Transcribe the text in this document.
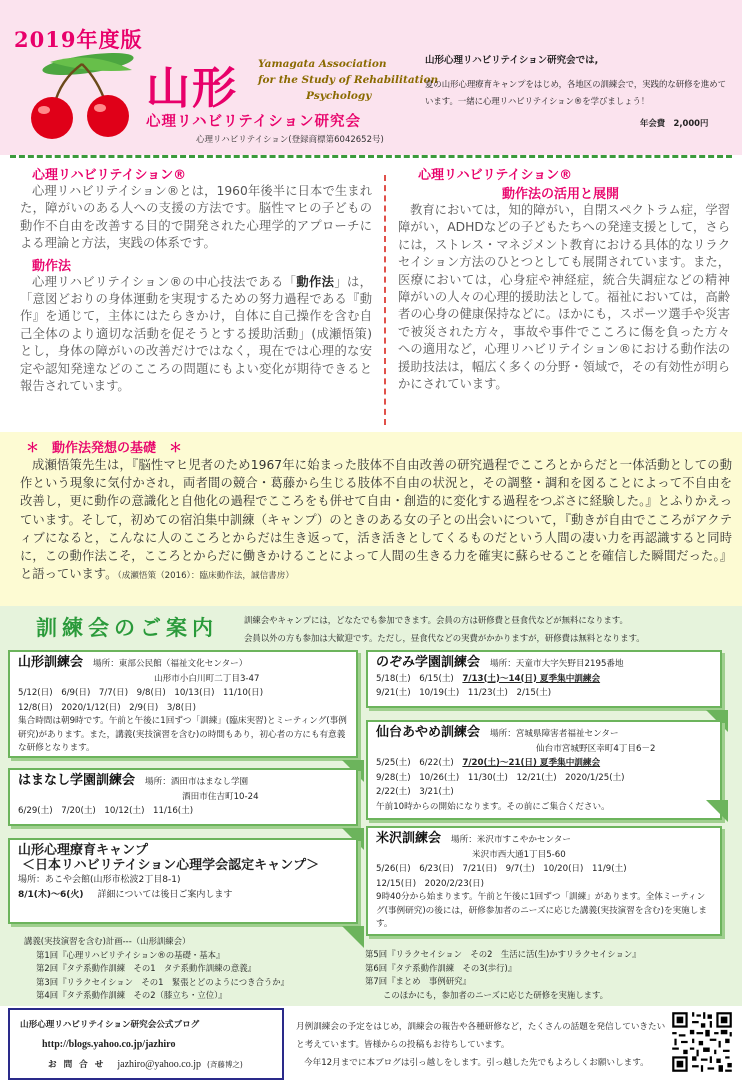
2019年度版
山形 Yamagata Association
for the Study of Rehabilitation
Psychology
心理リハビリテイション研究会
心理リハビリテイション(登録商標第6042652号)
山形心理リハビリテイション研究会では,
夏の山形心理療育キャンプをはじめ，各地区の訓練会で，実践的な研修を進めています。一緒に心理リハビリテイション®を学びましょう！
年会費　2,000円
心理リハビリテイション®
心理リハビリテイション®とは，1960年後半に日本で生まれた，障がいのある人への支援の方法です。脳性マヒの子どもの動作不自由を改善する目的で開発された心理学的アプローチによる理論と方法，実践の体系です。
動作法
心理リハビリテイション®の中心技法である「動作法」は，「意図どおりの身体運動を実現するための努力過程である『動作』を通じて，主体にはたらきかけ，自体に自己操作を含む自己全体のより適切な活動を促そうとする援助活動」(成瀬悟策)とし，身体の障がいの改善だけではなく，現在では心理的な安定や認知発達などのこころの問題にもよい変化が期待できると報告されています。
心理リハビリテイション®
動作法の活用と展開
教育においては，知的障がい，自閉スペクトラム症，学習障がい，ADHDなどの子どもたちへの発達支援として，さらには，ストレス・マネジメント教育における具体的なリラクセイション方法のひとつとしても展開されています。また，医療においては，心身症や神経症，統合失調症などの精神障がいの人々の心理的援助法として。福祉においては，高齢者の心身の健康保持などに。ほかにも，スポーツ選手や災害で被災された方々，事故や事件でこころに傷を負った方々への適用など，心理リハビリテイション®における動作法の援助技法は，幅広く多くの分野・領域で，その有効性が明らかにされています。
＊　動作法発想の基礎　＊
成瀬悟策先生は，『脳性マヒ児者のため1967年に始まった肢体不自由改善の研究過程でこころとからだと一体活動としての動作という現象に気付かされ，両者間の競合・葛藤から生じる肢体不自由の状況と，その調整・調和を図ることによって不自由を改善し，更に動作の意識化と自他化の過程でこころをも併せて自由・創造的に変化する過程をつぶさに経験した。』とふりかえっています。そして，初めての宿泊集中訓練（キャンプ）のときのある女の子との出会いについて，『動きが自由でこころがアクティブになると，こんなに人のこころとからだは生き返って，活き活きとしてくるものだという人間の凄い力を再認識すると同時に，この動作法こそ，こころとからだに働きかけることによって人間の生きる力を確実に蘇らせることを確信した瞬間だった。』と語っています。（成瀬悟策（2016）：臨床動作法，誠信書房）
訓練会のご案内	訓練会やキャンプには，どなたでも参加できます。会員の方は研修費と昼食代などが無料になります。
会員以外の方も参加は大歓迎です。ただし，昼食代などの実費がかかりますが，研修費は無料となります。
山形訓練会 場所：東部公民館（福祉文化センター）
山形市小白川町二丁目3-47
5/12(日)　6/9(日)　7/7(日)　9/8(日)　10/13(日)　11/10(日)
12/8(日)　2020/1/12(日)　2/9(日)　3/8(日)
集合時間は朝9時です。午前と午後に1回ずつ「訓練」(臨床実習)とミーティング(事例研究)があります。また，講義(実技演習を含む)の時間もあり，初心者の方にも有意義な研修となります。
はまなし学園訓練会 場所：酒田市はまなし学園
酒田市住吉町10-24
6/29(土)　7/20(土)　10/12(土)　11/16(土)
山形心理療育キャンプ
＜日本リハビリテイション心理学会認定キャンプ＞
場所：あこや会館(山形市松波2丁目8-1)
8/1(木)～6(火) 詳細については後日ご案内します
のぞみ学園訓練会 場所：天童市大字矢野目2195番地
5/18(土)　6/15(土)　7/13(土)～14(日) 夏季集中訓練会
9/21(土)　10/19(土)　11/23(土)　2/15(土)
仙台あやめ訓練会 場所：宮城県障害者福祉センター
仙台市宮城野区幸町4丁目6－2
5/25(土)　6/22(土)　7/20(土)～21(日) 夏季集中訓練会
9/28(土)　10/26(土)　11/30(土)　12/21(土)　2020/1/25(土)
2/22(土)　3/21(土)
午前10時からの開始になります。その前にご集合ください。
米沢訓練会 場所：米沢市すこやかセンター
米沢市西大通1丁目5-60
5/26(日)　6/23(日)　7/21(日)　9/7(土)　10/20(日)　11/9(土)
12/15(日)　2020/2/23(日)
9時40分から始まります。午前と午後に1回ずつ「訓練」があります。全体ミーティング(事例研究)の後には，研修参加者のニーズに応じた講義(実技演習を含む)を実施します。
講義(実技演習を含む)計画---（山形訓練会）
第1回『心理リハビリテイション®の基礎・基本』
第2回『タテ系動作訓練　その1　タテ系動作訓練の意義』
第3回『リラクセイション　その1　緊張とどのようにつき合うか』
第4回『タテ系動作訓練　その2（膝立ち・立位）』
第5回『リラクセイション　その2　生活に活(生)かすリラクセイション』
第6回『タテ系動作訓練　その3(歩行)』
第7回『まとめ　事例研究』
このほかにも，参加者のニーズに応じた研修を実施します。
山形心理リハビリテイション研究会公式ブログ
http://blogs.yahoo.co.jp/jazhiro
お 問 合 せ jazhiro@yahoo.co.jp (斉藤博之)
月例訓練会の予定をはじめ，訓練会の報告や各種研修など，たくさんの話題を発信していきたいと考えています。皆様からの投稿もお待ちしています。
今年12月までに本ブログは引っ越しをします。引っ越した先でもよろしくお願いします。
